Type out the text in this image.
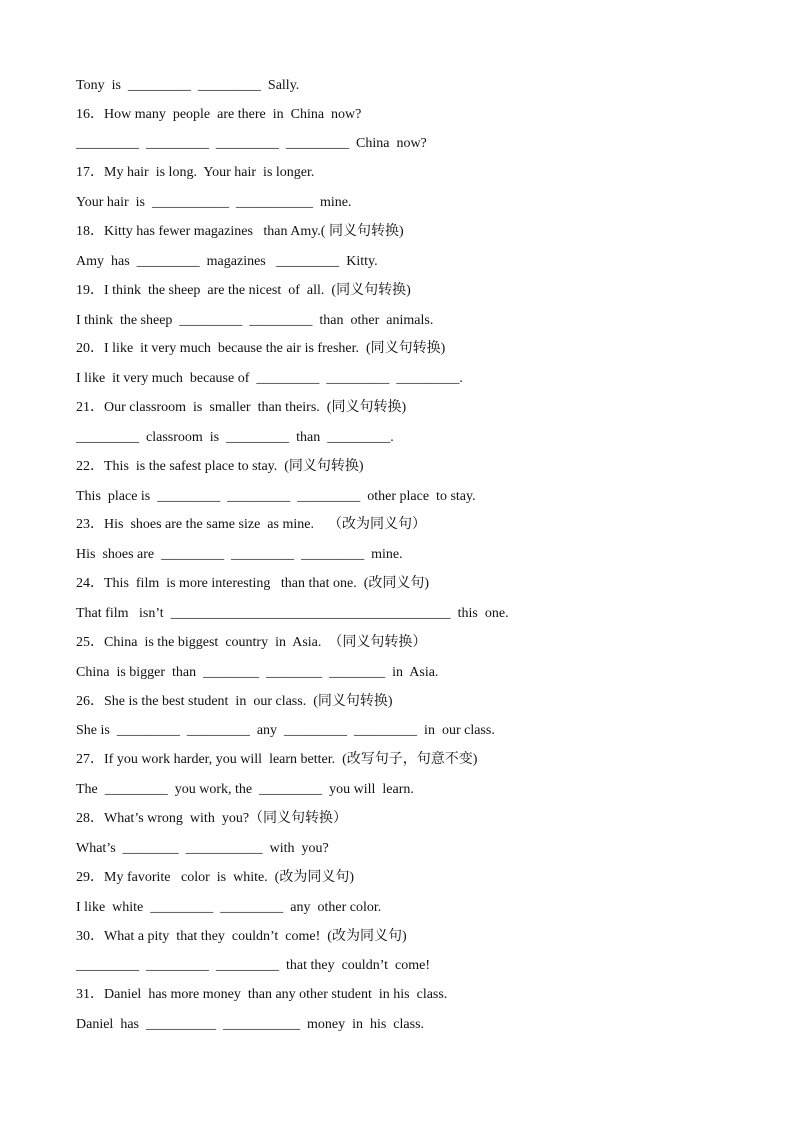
Tony  is  _________  _________  Sally.
16．How many  people  are there  in  China  now?
_________  _________  _________  _________  China  now?
17．My hair  is long.  Your hair  is longer.
Your hair  is  ___________  ___________  mine.
18．Kitty has fewer magazines   than Amy.( 同义句转换)
Amy  has  _________  magazines   _________  Kitty.
19．I think  the sheep  are the nicest  of  all.  (同义句转换)
I think  the sheep  _________  _________  than  other  animals.
20．I like  it very much  because the air is fresher.  (同义句转换)
I like  it very much  because of  _________  _________  _________.
21．Our classroom  is  smaller  than theirs.  (同义句转换)
_________  classroom  is  _________  than  _________.
22．This  is the safest place to stay.  (同义句转换)
This  place is  _________  _________  _________  other place  to stay.
23．His  shoes are the same size  as mine.    （改为同义句）
His  shoes are  _________  _________  _________  mine.
24．This  film  is more interesting   than that one.  (改同义句)
That film   isn’t  ________________________________________  this  one.
25．China  is the biggest  country  in  Asia.  （同义句转换）
China  is bigger  than  ________  ________  ________  in  Asia.
26．She is the best student  in  our class.  (同义句转换)
She is  _________  _________  any  _________  _________  in  our class.
27．If you work harder, you will  learn better.  (改写句子，句意不变)
The  _________  you work, the  _________  you will  learn.
28．What’s wrong  with  you?（同义句转换）
What’s  ________  ___________  with  you?
29．My favorite   color  is  white.  (改为同义句)
I like  white  _________  _________  any  other color.
30．What a pity  that they  couldn’t  come!  (改为同义句)
_________  _________  _________  that they  couldn’t  come!
31．Daniel  has more money  than any other student  in his  class.
Daniel  has  __________  ___________  money  in  his  class.
